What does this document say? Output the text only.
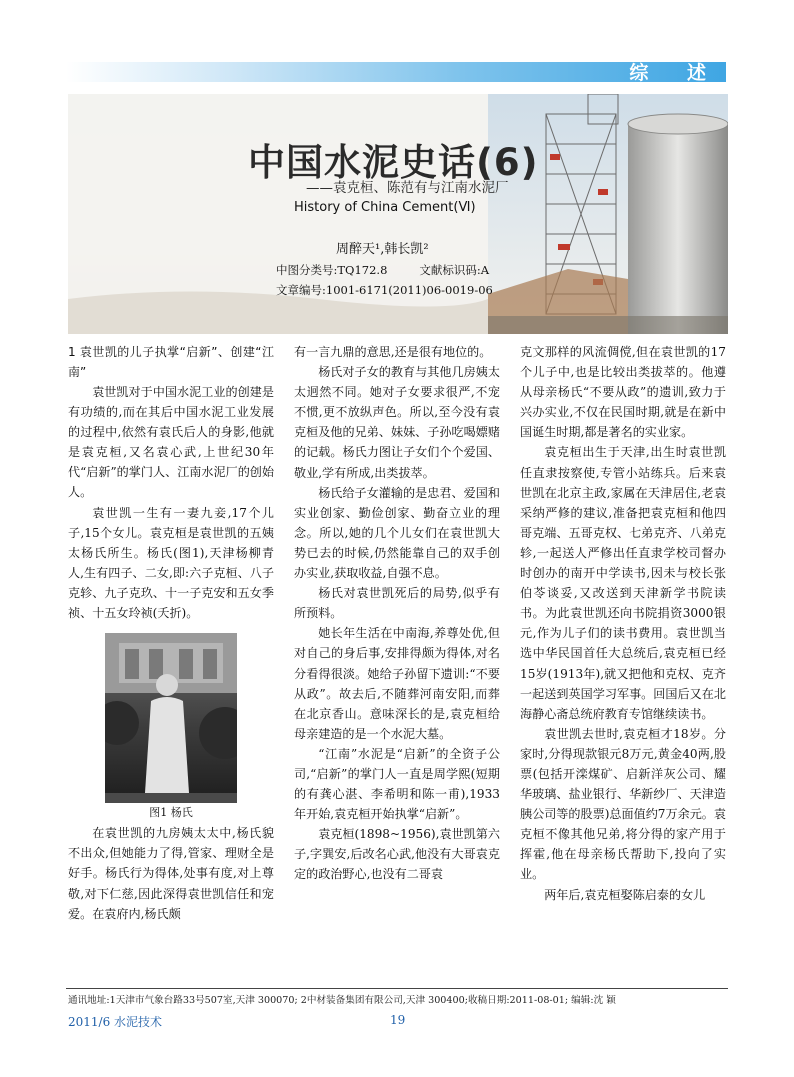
综 述
中国水泥史话(6)
——袁克桓、陈范有与江南水泥厂
History of China Cement(Ⅵ)
周醉天¹,韩长凯²
中图分类号:TQ172.8	文献标识码:A
文章编号:1001-6171(2011)06-0019-06

1 袁世凯的儿子执掌“启新”、创建“江南”

袁世凯对于中国水泥工业的创建是有功绩的,而在其后中国水泥工业发展的过程中,依然有袁氏后人的身影,他就是袁克桓,又名袁心武,上世纪30年代“启新”的掌门人、江南水泥厂的创始人。

袁世凯一生有一妻九妾,17个儿子,15个女儿。袁克桓是袁世凯的五姨太杨氏所生。杨氏(图1),天津杨柳青人,生有四子、二女,即:六子克桓、八子克轸、九子克玖、十一子克安和五女季祯、十五女玲祯(夭折)。

图1 杨氏

在袁世凯的九房姨太太中,杨氏貌不出众,但她能力了得,管家、理财全是好手。杨氏行为得体,处事有度,对上尊敬,对下仁慈,因此深得袁世凯信任和宠爱。在袁府内,杨氏颇

有一言九鼎的意思,还是很有地位的。

杨氏对子女的教育与其他几房姨太太迥然不同。她对子女要求很严,不宠不惯,更不放纵声色。所以,至今没有袁克桓及他的兄弟、妹妹、子孙吃喝嫖赌的记载。杨氏力图让子女们个个爱国、敬业,学有所成,出类拔萃。

杨氏给子女灌输的是忠君、爱国和实业创家、勤俭创家、勤奋立业的理念。所以,她的几个儿女们在袁世凯大势已去的时候,仍然能靠自己的双手创办实业,获取收益,自强不息。

杨氏对袁世凯死后的局势,似乎有所预料。

她长年生活在中南海,养尊处优,但对自己的身后事,安排得颇为得体,对名分看得很淡。她给子孙留下遗训:“不要从政”。故去后,不随葬河南安阳,而葬在北京香山。意味深长的是,袁克桓给母亲建造的是一个水泥大墓。

“江南”水泥是“启新”的全资子公司,“启新”的掌门人一直是周学熙(短期的有龚心湛、李希明和陈一甫),1933年开始,袁克桓开始执掌“启新”。

袁克桓(1898~1956),袁世凯第六子,字巽安,后改名心武,他没有大哥袁克定的政治野心,也没有二哥袁

克文那样的风流倜傥,但在袁世凯的17个儿子中,也是比较出类拔萃的。他遵从母亲杨氏“不要从政”的遗训,致力于兴办实业,不仅在民国时期,就是在新中国诞生时期,都是著名的实业家。

袁克桓出生于天津,出生时袁世凯任直隶按察使,专管小站练兵。后来袁世凯在北京主政,家属在天津居住,老袁采纳严修的建议,准备把袁克桓和他四哥克端、五哥克权、七弟克齐、八弟克轸,一起送人严修出任直隶学校司督办时创办的南开中学读书,因未与校长张伯苓谈妥,又改送到天津新学书院读书。为此袁世凯还向书院捐资3000银元,作为儿子们的读书费用。袁世凯当选中华民国首任大总统后,袁克桓已经15岁(1913年),就又把他和克权、克齐一起送到英国学习军事。回国后又在北海静心斋总统府教育专馆继续读书。

袁世凯去世时,袁克桓才18岁。分家时,分得现款银元8万元,黄金40两,股票(包括开滦煤矿、启新洋灰公司、耀华玻璃、盐业银行、华新纱厂、天津造胰公司等的股票)总面值约7万余元。袁克桓不像其他兄弟,将分得的家产用于挥霍,他在母亲杨氏帮助下,投向了实业。

两年后,袁克桓娶陈启泰的女儿

通讯地址:1天津市气象台路33号507室,天津 300070; 2中材装备集团有限公司,天津 300400;收稿日期:2011-08-01; 编辑:沈 颖
2011/6 水泥技术	19
